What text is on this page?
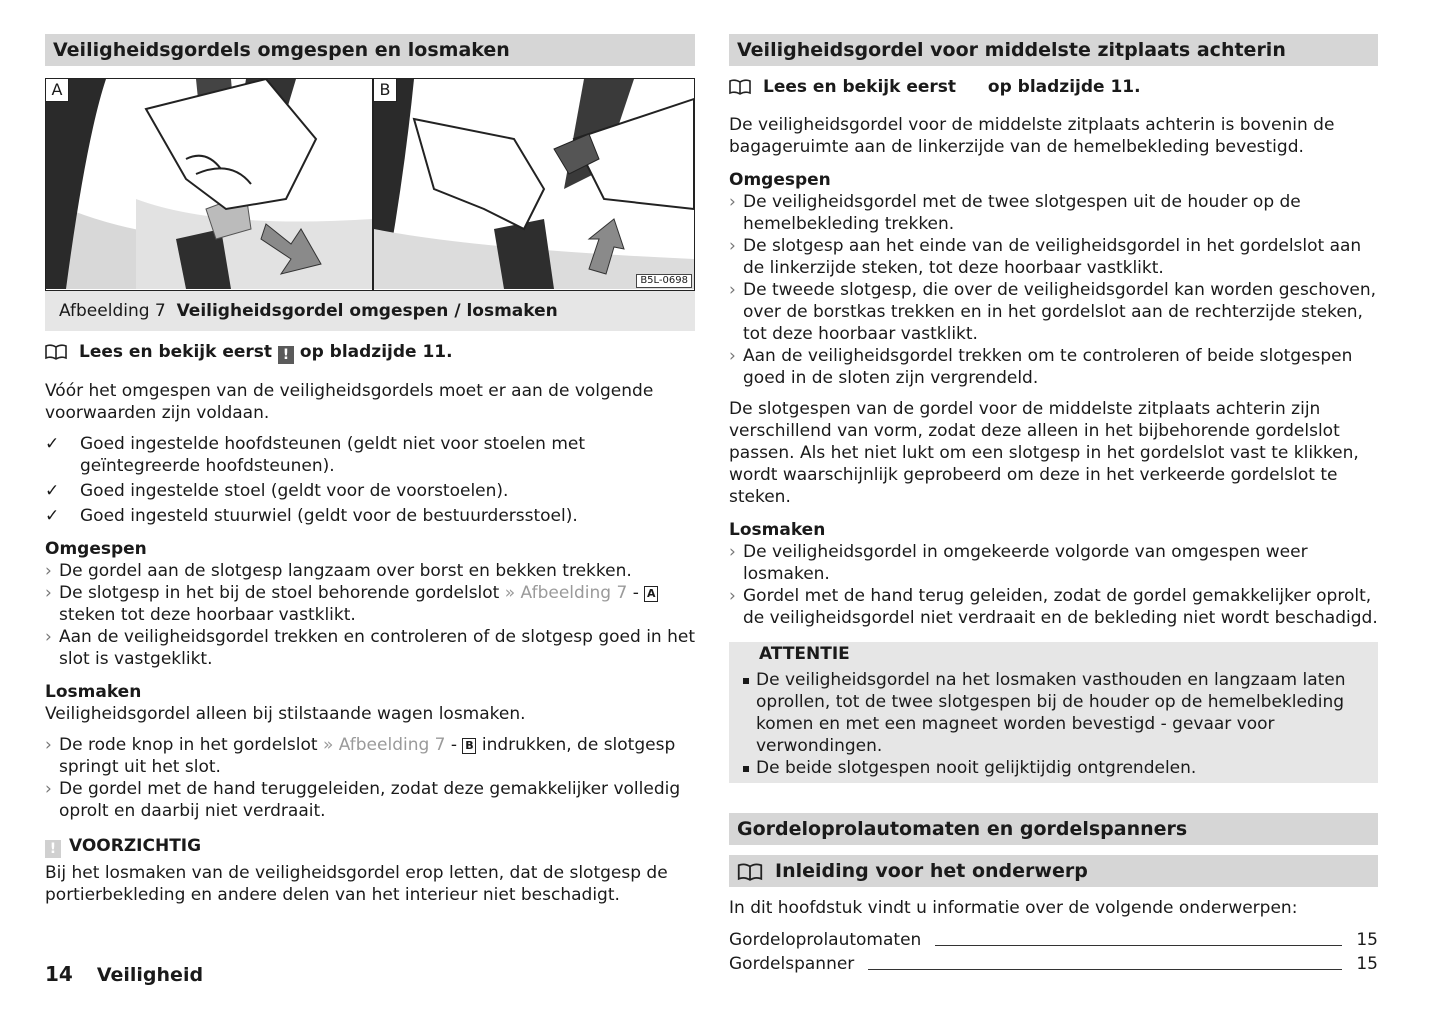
Veiligheidsgordels omgespen en losmaken
A	B
B5L-0698
Afbeelding 7 Veiligheidsgordel omgespen / losmaken
Lees en bekijk eerst ! op bladzijde 11.

Vóór het omgespen van de veiligheidsgordels moet er aan de volgende voorwaarden zijn voldaan.

✓ Goed ingestelde hoofdsteunen (geldt niet voor stoelen met geïntegreerde hoofdsteunen).

✓ Goed ingestelde stoel (geldt voor de voorstoelen).

✓ Goed ingesteld stuurwiel (geldt voor de bestuurdersstoel).

Omgespen

› De gordel aan de slotgesp langzaam over borst en bekken trekken.

› De slotgesp in het bij de stoel behorende gordelslot » Afbeelding 7 - A steken tot deze hoorbaar vastklikt.

› Aan de veiligheidsgordel trekken en controleren of de slotgesp goed in het slot is vastgeklikt.

Losmaken

Veiligheidsgordel alleen bij stilstaande wagen losmaken.

› De rode knop in het gordelslot » Afbeelding 7 - B indrukken, de slotgesp springt uit het slot.

› De gordel met de hand teruggeleiden, zodat deze gemakkelijker volledig oprolt en daarbij niet verdraait.

! VOORZICHTIG

Bij het losmaken van de veiligheidsgordel erop letten, dat de slotgesp de portierbekleding en andere delen van het interieur niet beschadigt.

Veiligheidsgordel voor middelste zitplaats achterin
Lees en bekijk eerst op bladzijde 11.

De veiligheidsgordel voor de middelste zitplaats achterin is bovenin de bagageruimte aan de linkerzijde van de hemelbekleding bevestigd.

Omgespen

› De veiligheidsgordel met de twee slotgespen uit de houder op de hemelbekleding trekken.

› De slotgesp aan het einde van de veiligheidsgordel in het gordelslot aan de linkerzijde steken, tot deze hoorbaar vastklikt.

› De tweede slotgesp, die over de veiligheidsgordel kan worden geschoven, over de borstkas trekken en in het gordelslot aan de rechterzijde steken, tot deze hoorbaar vastklikt.

› Aan de veiligheidsgordel trekken om te controleren of beide slotgespen goed in de sloten zijn vergrendeld.

De slotgespen van de gordel voor de middelste zitplaats achterin zijn verschillend van vorm, zodat deze alleen in het bijbehorende gordelslot passen. Als het niet lukt om een slotgesp in het gordelslot vast te klikken, wordt waarschijnlijk geprobeerd om deze in het verkeerde gordelslot te steken.

Losmaken

› De veiligheidsgordel in omgekeerde volgorde van omgespen weer losmaken.

› Gordel met de hand terug geleiden, zodat de gordel gemakkelijker oprolt, de veiligheidsgordel niet verdraait en de bekleding niet wordt beschadigd.

ATTENTIE
De veiligheidsgordel na het losmaken vasthouden en langzaam laten oprollen, tot de twee slotgespen bij de houder op de hemelbekleding komen en met een magneet worden bevestigd - gevaar voor verwondingen.
De beide slotgespen nooit gelijktijdig ontgrendelen.
Gordeloprolautomaten en gordelspanners
Inleiding voor het onderwerp

In dit hoofdstuk vindt u informatie over de volgende onderwerpen:

Gordeloprolautomaten	15
Gordelspanner	15
14 Veiligheid
